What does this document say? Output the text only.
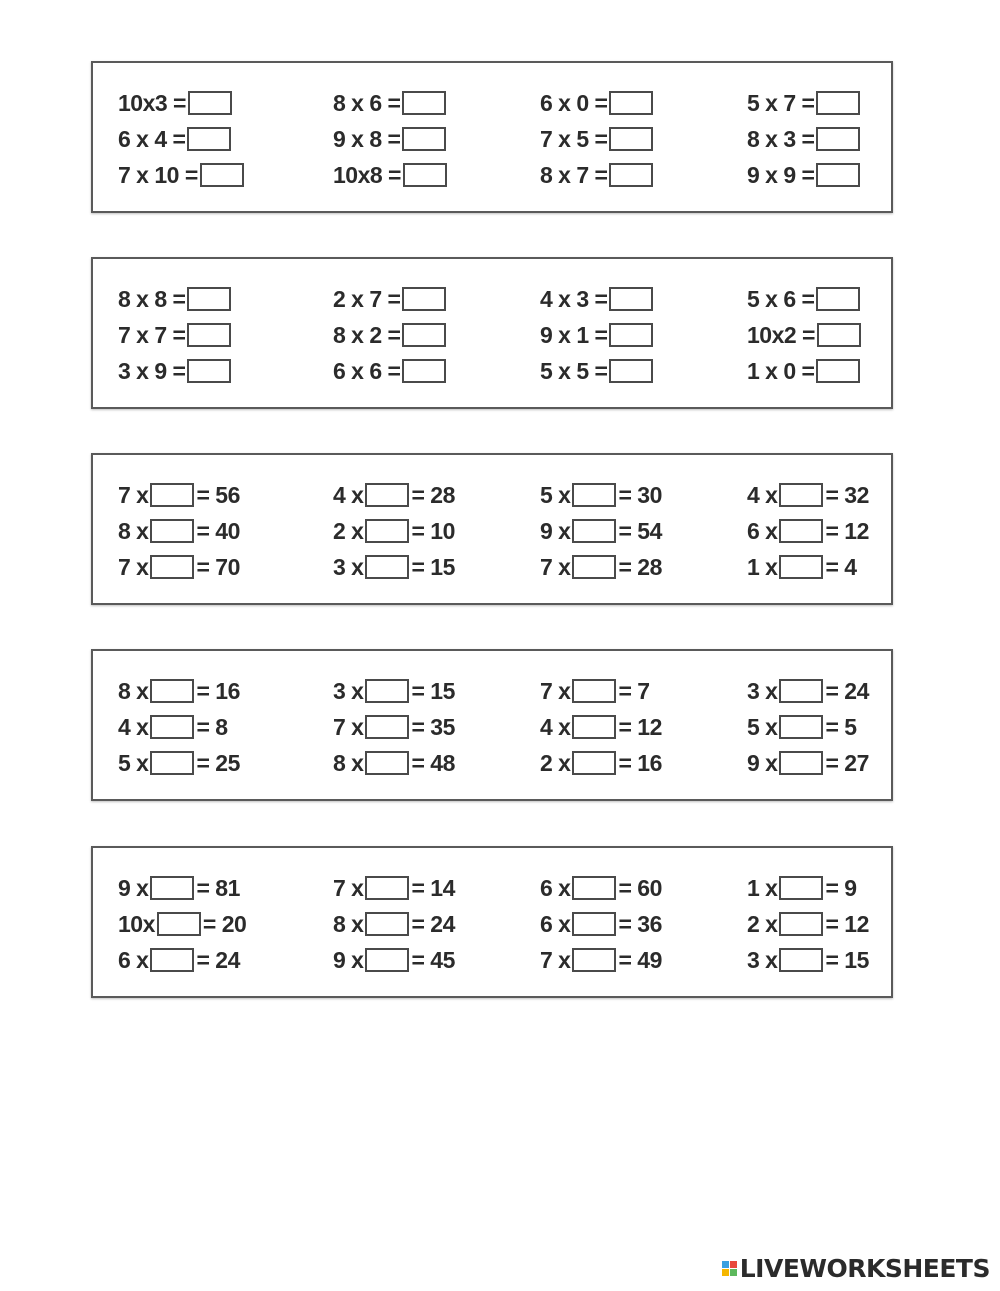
10x3 =	8 x 6 =	6 x 0 =	5 x 7 =
6 x 4 =	9 x 8 =	7 x 5 =	8 x 3 =
7 x 10 =	10x8 =	8 x 7 =	9 x 9 =
8 x 8 =	2 x 7 =	4 x 3 =	5 x 6 =
7 x 7 =	8 x 2 =	9 x 1 =	10x2 =
3 x 9 =	6 x 6 =	5 x 5 =	1 x 0 =
7 x = 56	4 x = 28	5 x = 30	4 x = 32
8 x = 40	2 x = 10	9 x = 54	6 x = 12
7 x = 70	3 x = 15	7 x = 28	1 x = 4
8 x = 16	3 x = 15	7 x = 7	3 x = 24
4 x = 8	7 x = 35	4 x = 12	5 x = 5
5 x = 25	8 x = 48	2 x = 16	9 x = 27
9 x = 81	7 x = 14	6 x = 60	1 x = 9
10x = 20	8 x = 24	6 x = 36	2 x = 12
6 x = 24	9 x = 45	7 x = 49	3 x = 15
LIVEWORKSHEETS
